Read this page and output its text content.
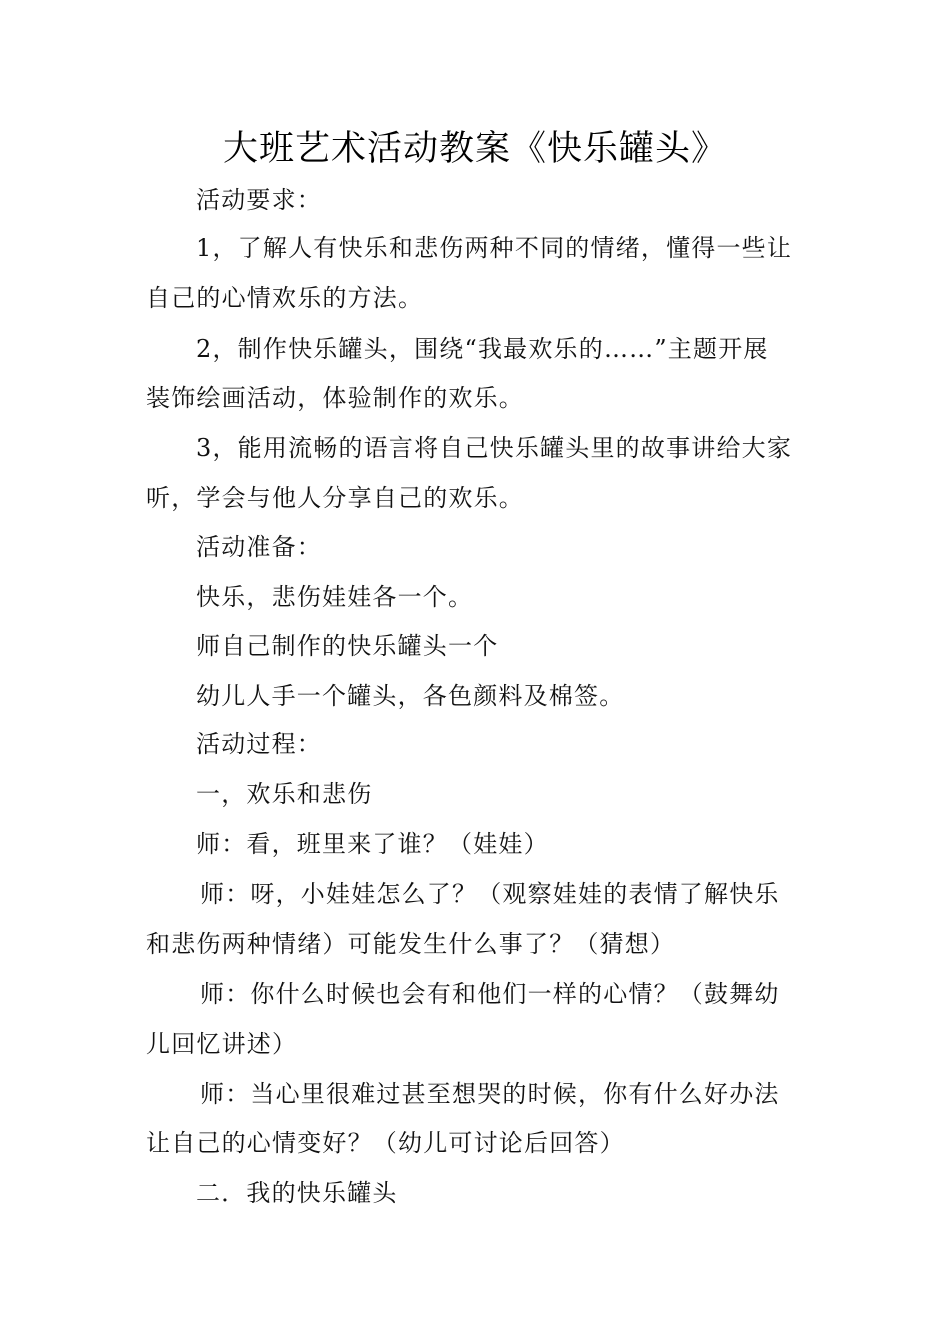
大班艺术活动教案《快乐罐头》
活动要求：
1，了解人有快乐和悲伤两种不同的情绪，懂得一些让
自己的心情欢乐的方法。
2，制作快乐罐头，围绕“我最欢乐的……”主题开展
装饰绘画活动，体验制作的欢乐。
3，能用流畅的语言将自己快乐罐头里的故事讲给大家
听，学会与他人分享自己的欢乐。
活动准备：
快乐，悲伤娃娃各一个。
师自己制作的快乐罐头一个
幼儿人手一个罐头，各色颜料及棉签。
活动过程：
一，欢乐和悲伤
师：看，班里来了谁？（娃娃）
师：呀，小娃娃怎么了？（观察娃娃的表情了解快乐
和悲伤两种情绪）可能发生什么事了？（猜想）
师：你什么时候也会有和他们一样的心情？（鼓舞幼
儿回忆讲述）
师：当心里很难过甚至想哭的时候，你有什么好办法
让自己的心情变好？（幼儿可讨论后回答）
二．我的快乐罐头
